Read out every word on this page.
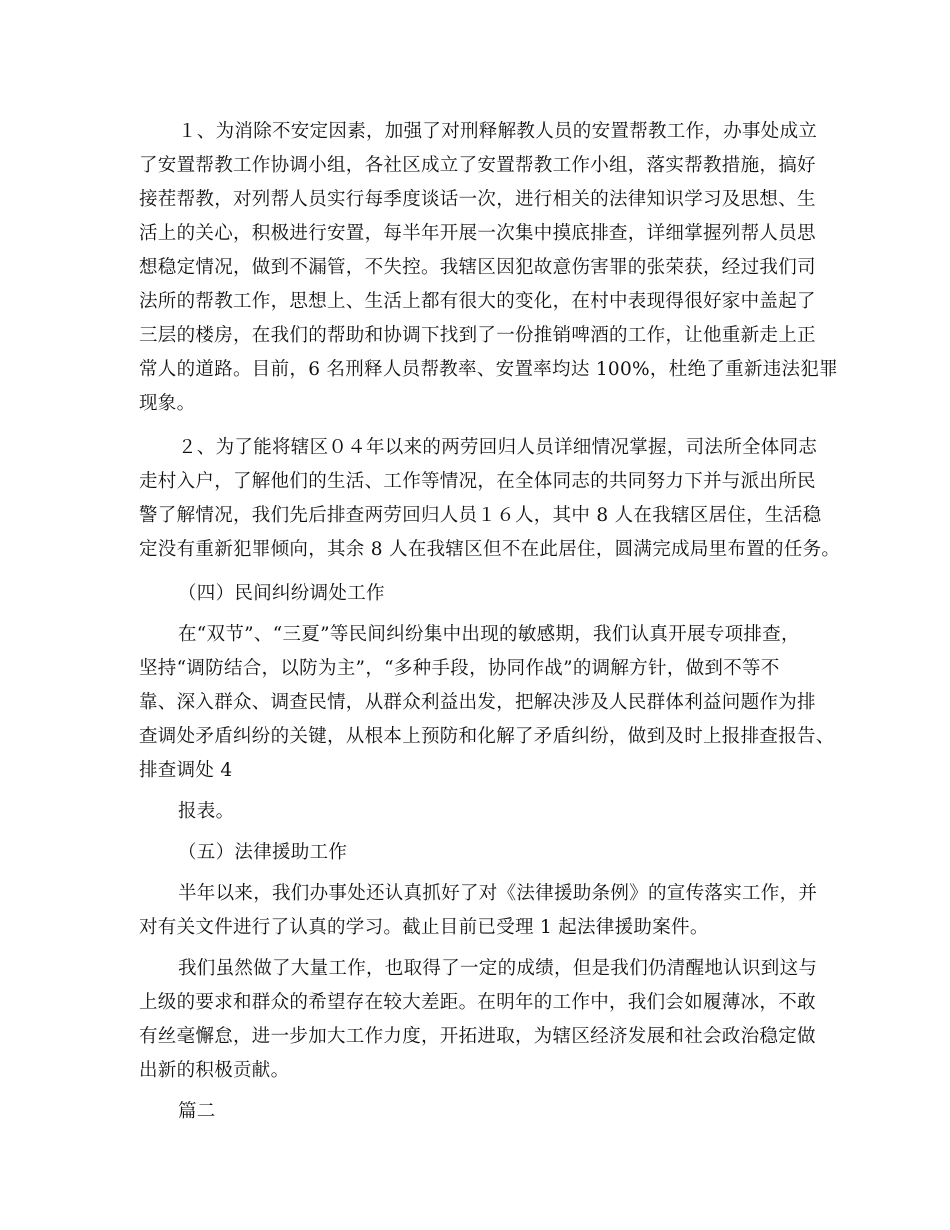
１、为消除不安定因素，加强了对刑释解教人员的安置帮教工作，办事处成立
了安置帮教工作协调小组，各社区成立了安置帮教工作小组，落实帮教措施，搞好
接茬帮教，对列帮人员实行每季度谈话一次，进行相关的法律知识学习及思想、生
活上的关心，积极进行安置，每半年开展一次集中摸底排查，详细掌握列帮人员思
想稳定情况，做到不漏管，不失控。我辖区因犯故意伤害罪的张荣获，经过我们司
法所的帮教工作，思想上、生活上都有很大的变化，在村中表现得很好家中盖起了
三层的楼房，在我们的帮助和协调下找到了一份推销啤酒的工作，让他重新走上正
常人的道路。目前，6 名刑释人员帮教率、安置率均达 100%，杜绝了重新违法犯罪
现象。
２、为了能将辖区０４年以来的两劳回归人员详细情况掌握，司法所全体同志
走村入户，了解他们的生活、工作等情况，在全体同志的共同努力下并与派出所民
警了解情况，我们先后排查两劳回归人员１６人，其中 8 人在我辖区居住，生活稳
定没有重新犯罪倾向，其余 8 人在我辖区但不在此居住，圆满完成局里布置的任务。
（四）民间纠纷调处工作
在“双节”、“三夏”等民间纠纷集中出现的敏感期，我们认真开展专项排查，
坚持“调防结合，以防为主”，“多种手段，协同作战”的调解方针，做到不等不
靠、深入群众、调查民情，从群众利益出发，把解决涉及人民群体利益问题作为排
查调处矛盾纠纷的关键，从根本上预防和化解了矛盾纠纷，做到及时上报排查报告、
排查调处 4
报表。
（五）法律援助工作
半年以来，我们办事处还认真抓好了对《法律援助条例》的宣传落实工作，并
对有关文件进行了认真的学习。截止目前已受理 1 起法律援助案件。
我们虽然做了大量工作，也取得了一定的成绩，但是我们仍清醒地认识到这与
上级的要求和群众的希望存在较大差距。在明年的工作中，我们会如履薄冰，不敢
有丝毫懈怠，进一步加大工作力度，开拓进取，为辖区经济发展和社会政治稳定做
出新的积极贡献。
篇二
